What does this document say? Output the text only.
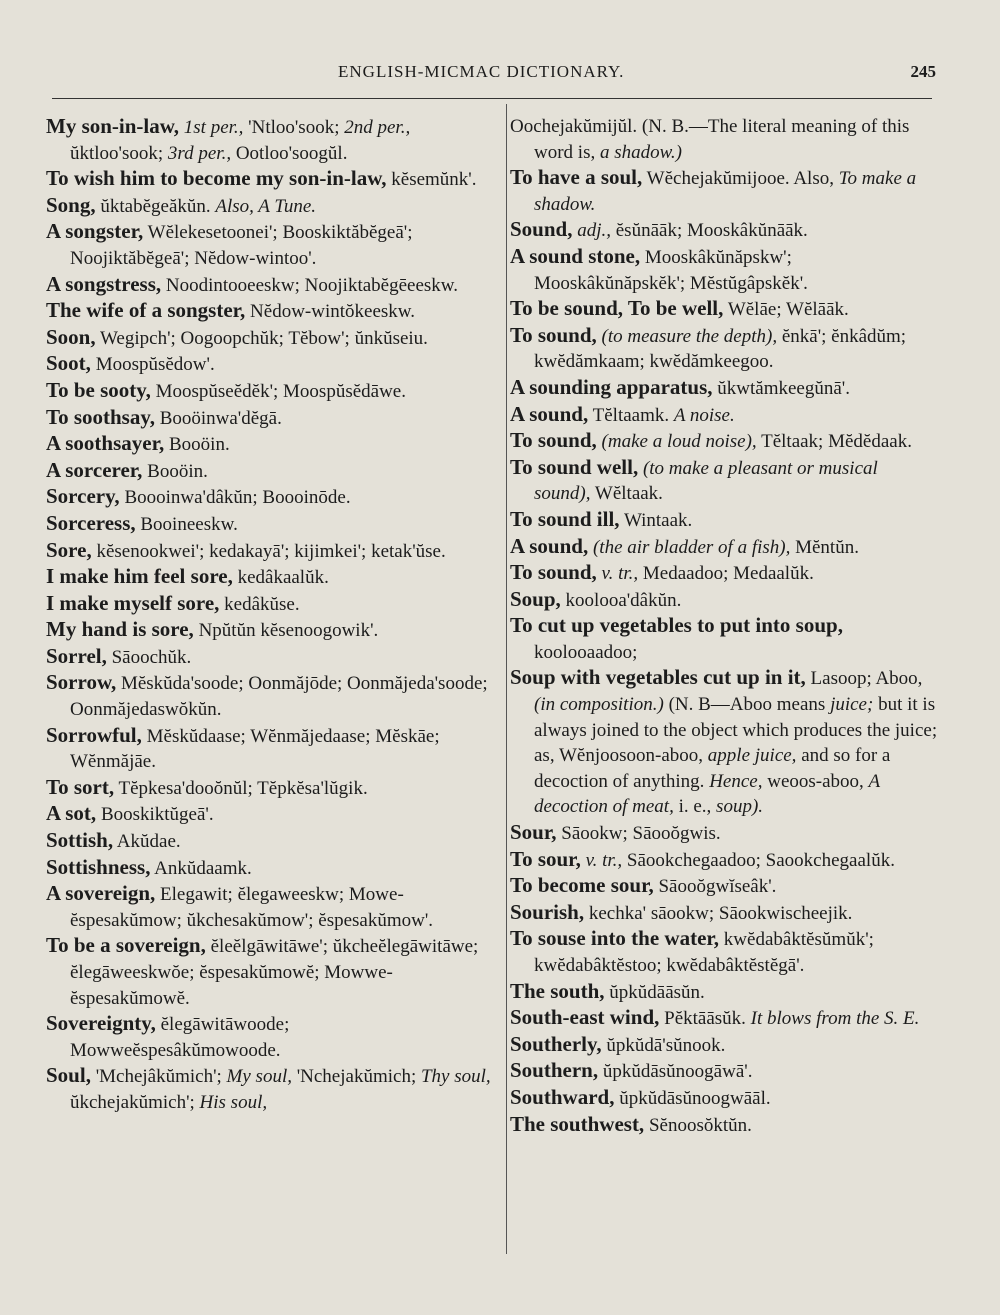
ENGLISH-MICMAC DICTIONARY.	245

My son-in-law, 1st per., 'Ntloo'sook; 2nd per., ŭktloo'sook; 3rd per., Ootloo'soogŭl.

To wish him to become my son-in-law, kĕsemŭnk'.

Song, ŭktabĕgeăkŭn. Also, A Tune.

A songster, Wĕlekesetoonei'; Booskiktăbĕgeā'; Noojiktăbĕgeā'; Nĕdow-wintoo'.

A songstress, Noodintooeeskw; Noojiktabĕgēeeskw.

The wife of a songster, Nĕdow-wintŏkeeskw.

Soon, Wegipch'; Oogoopchŭk; Tĕbow'; ŭnkŭseiu.

Soot, Moospŭsĕdow'.

To be sooty, Moospŭseĕdĕk'; Moospŭsĕdāwe.

To soothsay, Booöinwa'dĕgā.

A soothsayer, Booöin.

A sorcerer, Booöin.

Sorcery, Boooinwa'dâkŭn; Boooinōde.

Sorceress, Booineeskw.

Sore, kĕsenookwei'; kedakayā'; kijimkei'; ketak'ŭse.

I make him feel sore, kedâkaalŭk.

I make myself sore, kedâkŭse.

My hand is sore, Npŭtŭn kĕsenoogowik'.

Sorrel, Sāoochŭk.

Sorrow, Mĕskŭda'soode; Oonmăjōde; Oonmăjeda'soode; Oonmăjedaswŏkŭn.

Sorrowful, Mĕskŭdaase; Wĕnmăjedaase; Mĕskāe; Wĕnmăjāe.

To sort, Tĕpkesa'dooŏnŭl; Tĕpkĕsa'lŭgik.

A sot, Booskiktŭgeā'.

Sottish, Akŭdae.

Sottishness, Ankŭdaamk.

A sovereign, Elegawit; ĕlegaweeskw; Mowe-ĕspesakŭmow; ŭkchesakŭmow'; ĕspesakŭmow'.

To be a sovereign, ĕleĕlgāwitāwe'; ŭkcheĕlegāwitāwe; ĕlegāweeskwŏe; ĕspesakŭmowĕ; Mowwe-ĕspesakŭmowĕ.

Sovereignty, ĕlegāwitāwoode; Mowweĕspesâkŭmowoode.

Soul, 'Mchejâkŭmich'; My soul, 'Nchejakŭmich; Thy soul, ŭkchejakŭmich'; His soul,

Oochejakŭmijŭl. (N. B.—The literal meaning of this word is, a shadow.)

To have a soul, Wĕchejakŭmijooe. Also, To make a shadow.

Sound, adj., ĕsŭnāāk; Mooskâkŭnāāk.

A sound stone, Mooskâkŭnăpskw'; Mooskâkŭnăpskĕk'; Mĕstŭgâpskĕk'.

To be sound, To be well, Wĕlāe; Wĕlāāk.

To sound, (to measure the depth), ĕnkā'; ĕnkâdŭm; kwĕdămkaam; kwĕdămkeegoo.

A sounding apparatus, ŭkwtămkeegŭnā'.

A sound, Tĕltaamk. A noise.

To sound, (make a loud noise), Tĕltaak; Mĕdĕdaak.

To sound well, (to make a pleasant or musical sound), Wĕltaak.

To sound ill, Wintaak.

A sound, (the air bladder of a fish), Mĕntŭn.

To sound, v. tr., Medaadoo; Medaalŭk.

Soup, koolooa'dâkŭn.

To cut up vegetables to put into soup, koolooaadoo;

Soup with vegetables cut up in it, Lasoop; Aboo, (in composition.) (N. B—Aboo means juice; but it is always joined to the object which produces the juice; as, Wĕnjoosoon-aboo, apple juice, and so for a decoction of anything. Hence, weoos-aboo, A decoction of meat, i. e., soup).

Sour, Sāookw; Sāooŏgwis.

To sour, v. tr., Sāookchegaadoo; Saookchegaalŭk.

To become sour, Sāooŏgwĭseâk'.

Sourish, kechka' sāookw; Sāookwischeejik.

To souse into the water, kwĕdabâktĕsŭmŭk'; kwĕdabâktĕstoo; kwĕdabâktĕstĕgā'.

The south, ŭpkŭdāāsŭn.

South-east wind, Pĕktāāsŭk. It blows from the S. E.

Southerly, ŭpkŭdā'sŭnook.

Southern, ŭpkŭdāsŭnoogāwā'.

Southward, ŭpkŭdāsŭnoogwāāl.

The southwest, Sĕnoosŏktŭn.
